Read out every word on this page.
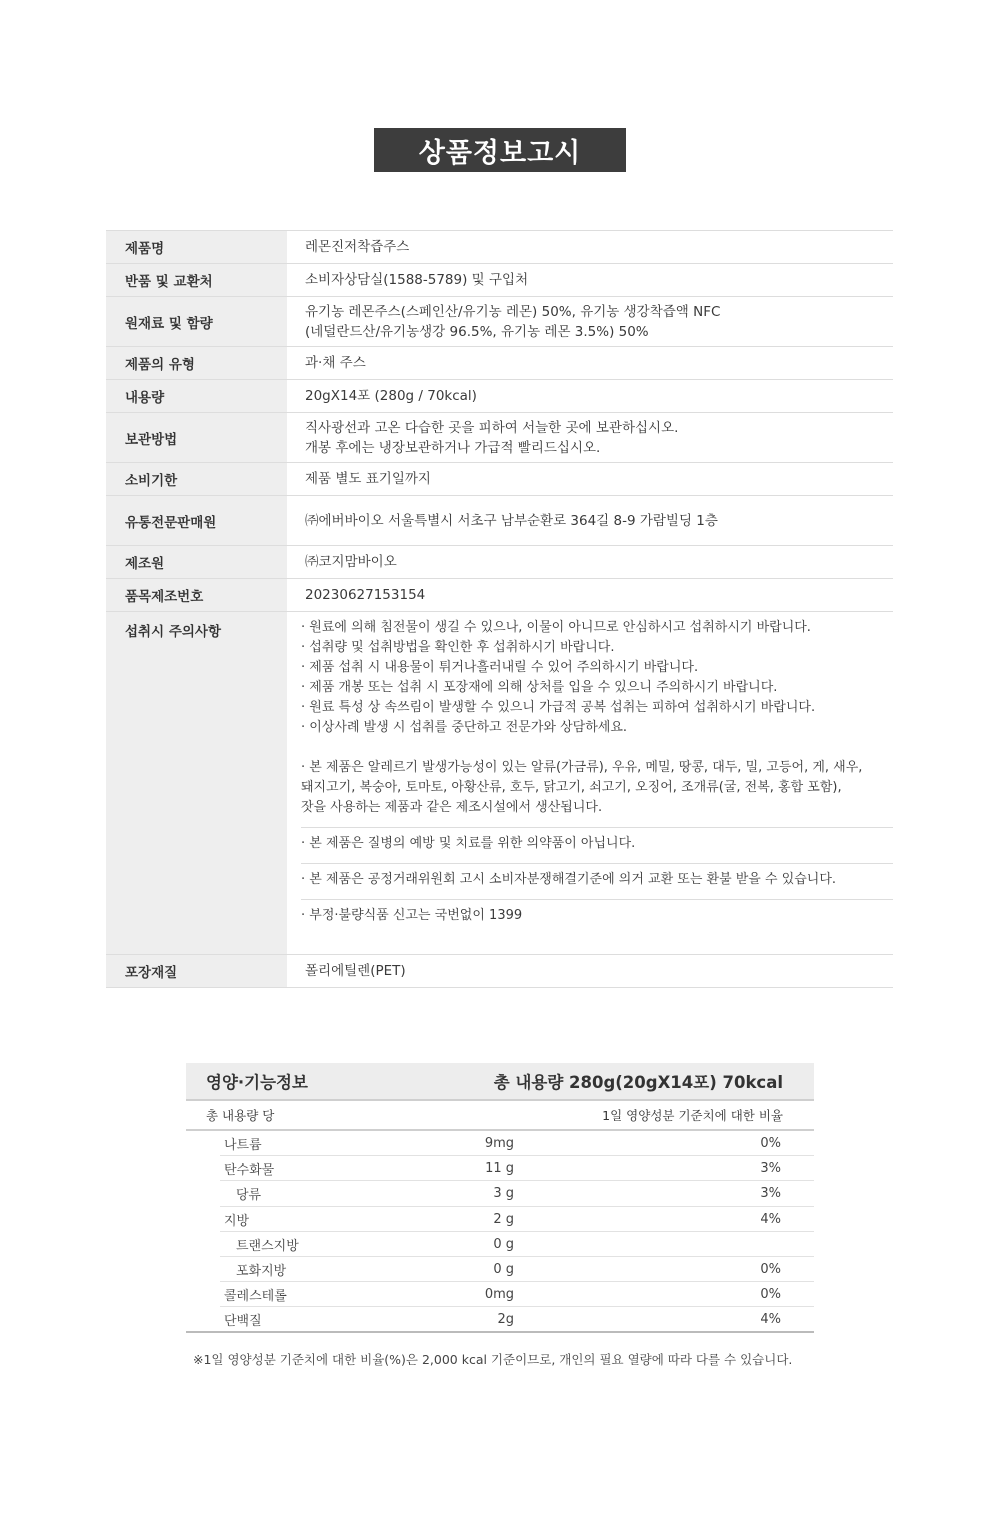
상품정보고시
제품명	레몬진저착즙주스
반품 및 교환처	소비자상담실(1588-5789) 및 구입처
원재료 및 함량
유기농 레몬주스(스페인산/유기농 레몬) 50%, 유기농 생강착즙액 NFC
(네덜란드산/유기농생강 96.5%, 유기농 레몬 3.5%) 50%
제품의 유형	과·채 주스
내용량	20gX14포 (280g / 70kcal)
보관방법
직사광선과 고온 다습한 곳을 피하여 서늘한 곳에 보관하십시오.
개봉 후에는 냉장보관하거나 가급적 빨리드십시오.
소비기한	제품 별도 표기일까지
유통전문판매원	㈜에버바이오 서울특별시 서초구 남부순환로 364길 8-9 가람빌딩 1층
제조원	㈜코지맘바이오
품목제조번호	20230627153154
섭취시 주의사항	· 원료에 의해 침전물이 생길 수 있으나, 이물이 아니므로 안심하시고 섭취하시기 바랍니다.
· 섭취량 및 섭취방법을 확인한 후 섭취하시기 바랍니다.
· 제품 섭취 시 내용물이 튀거나흘러내릴 수 있어 주의하시기 바랍니다.
· 제품 개봉 또는 섭취 시 포장재에 의해 상처를 입을 수 있으니 주의하시기 바랍니다.
· 원료 특성 상 속쓰림이 발생할 수 있으니 가급적 공복 섭취는 피하여 섭취하시기 바랍니다.
· 이상사례 발생 시 섭취를 중단하고 전문가와 상담하세요.
· 본 제품은 알레르기 발생가능성이 있는 알류(가금류), 우유, 메밀, 땅콩, 대두, 밀, 고등어, 게, 새우,
돼지고기, 복숭아, 토마토, 아황산류, 호두, 닭고기, 쇠고기, 오징어, 조개류(굴, 전복, 홍합 포함),
잣을 사용하는 제품과 같은 제조시설에서 생산됩니다.
· 본 제품은 질병의 예방 및 치료를 위한 의약품이 아닙니다.
· 본 제품은 공정거래위원회 고시 소비자분쟁해결기준에 의거 교환 또는 환불 받을 수 있습니다.
· 부정·불량식품 신고는 국번없이 1399
포장재질	폴리에틸렌(PET)
영양·기능정보	총 내용량 280g(20gX14포) 70kcal
총 내용량 당	1일 영양성분 기준치에 대한 비율
나트륨	9mg	0%
탄수화물	11 g	3%
당류	3 g	3%
지방	2 g	4%
트랜스지방	0 g
포화지방	0 g	0%
콜레스테롤	0mg	0%
단백질	2g	4%
※1일 영양성분 기준치에 대한 비율(%)은 2,000 kcal 기준이므로, 개인의 필요 열량에 따라 다를 수 있습니다.
